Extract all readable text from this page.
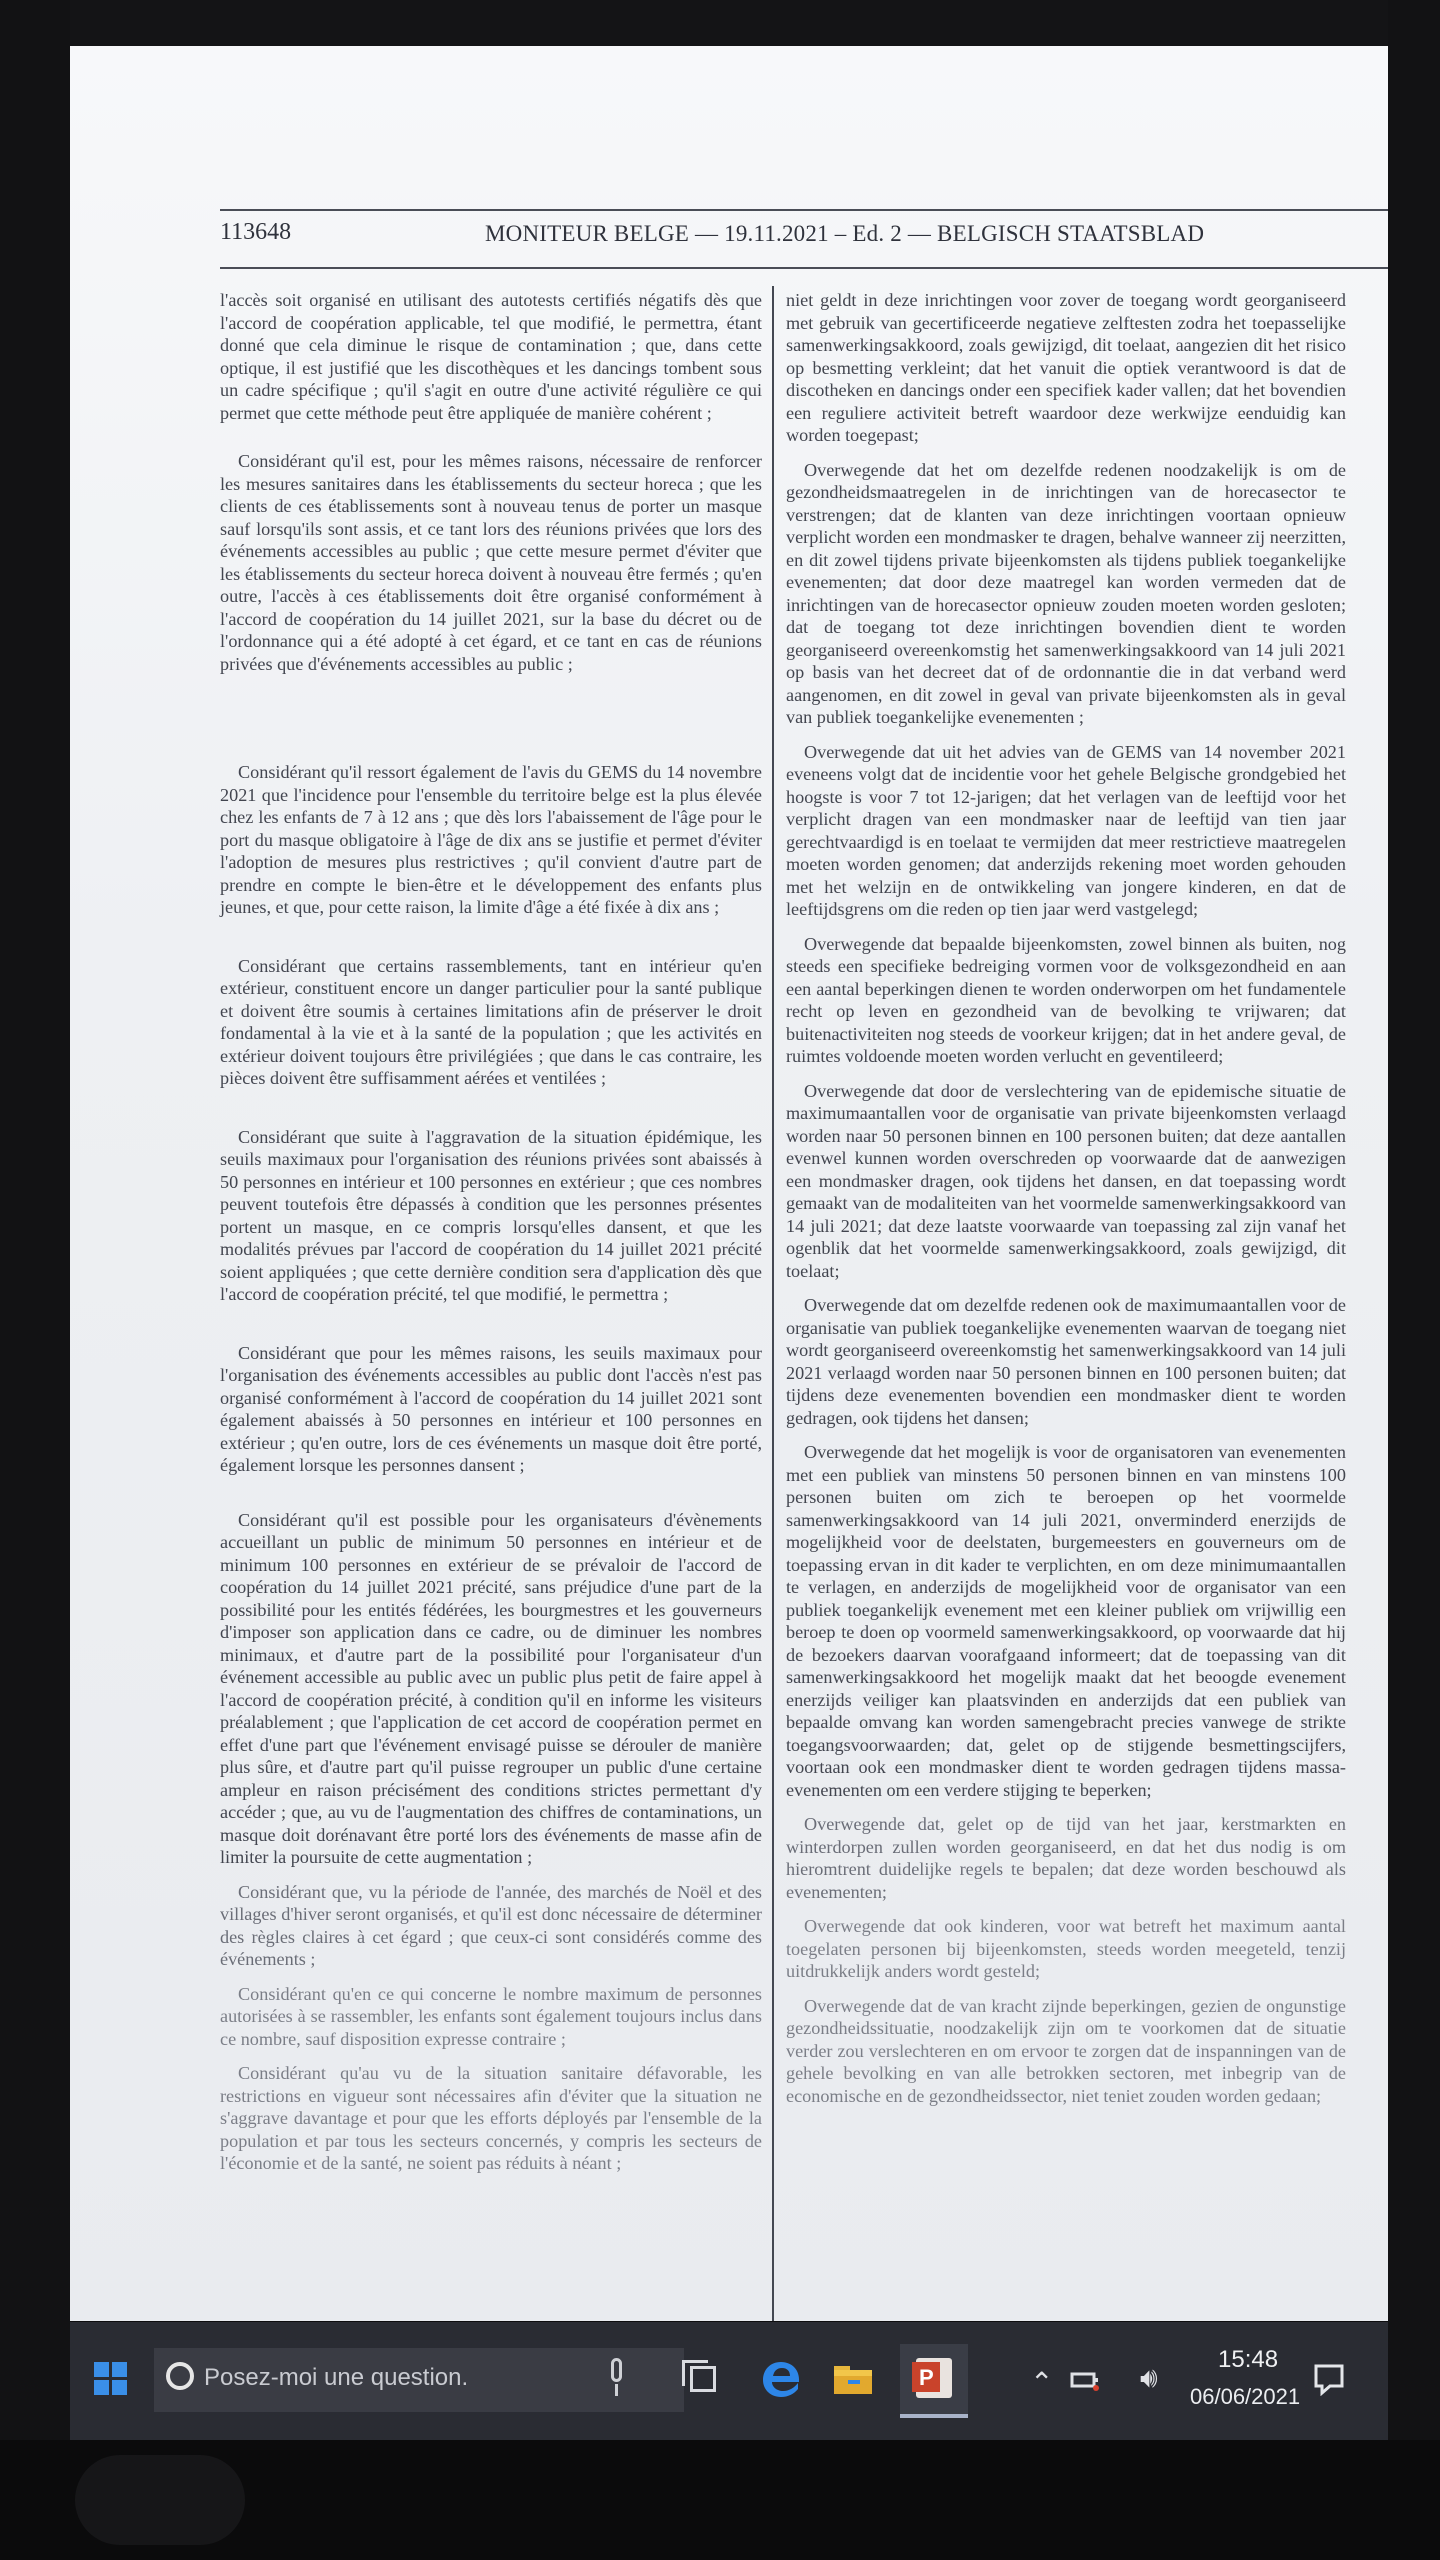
113648	MONITEUR BELGE — 19.11.2021 – Ed. 2 — BELGISCH STAATSBLAD

l'accès soit organisé en utilisant des autotests certifiés négatifs dès que l'accord de coopération applicable, tel que modifié, le permettra, étant donné que cela diminue le risque de contamination ; que, dans cette optique, il est justifié que les discothèques et les dancings tombent sous un cadre spécifique ; qu'il s'agit en outre d'une activité régulière ce qui permet que cette méthode peut être appliquée de manière cohérent ;

Considérant qu'il est, pour les mêmes raisons, nécessaire de renforcer les mesures sanitaires dans les établissements du secteur horeca ; que les clients de ces établissements sont à nouveau tenus de porter un masque sauf lorsqu'ils sont assis, et ce tant lors des réunions privées que lors des événements accessibles au public ; que cette mesure permet d'éviter que les établissements du secteur horeca doivent à nouveau être fermés ; qu'en outre, l'accès à ces établissements doit être organisé conformément à l'accord de coopération du 14 juillet 2021, sur la base du décret ou de l'ordonnance qui a été adopté à cet égard, et ce tant en cas de réunions privées que d'événements accessibles au public ;

Considérant qu'il ressort également de l'avis du GEMS du 14 novembre 2021 que l'incidence pour l'ensemble du territoire belge est la plus élevée chez les enfants de 7 à 12 ans ; que dès lors l'abaissement de l'âge pour le port du masque obligatoire à l'âge de dix ans se justifie et permet d'éviter l'adoption de mesures plus restrictives ; qu'il convient d'autre part de prendre en compte le bien-être et le développement des enfants plus jeunes, et que, pour cette raison, la limite d'âge a été fixée à dix ans ;

Considérant que certains rassemblements, tant en intérieur qu'en extérieur, constituent encore un danger particulier pour la santé publique et doivent être soumis à certaines limitations afin de préserver le droit fondamental à la vie et à la santé de la population ; que les activités en extérieur doivent toujours être privilégiées ; que dans le cas contraire, les pièces doivent être suffisamment aérées et ventilées ;

Considérant que suite à l'aggravation de la situation épidémique, les seuils maximaux pour l'organisation des réunions privées sont abaissés à 50 personnes en intérieur et 100 personnes en extérieur ; que ces nombres peuvent toutefois être dépassés à condition que les personnes présentes portent un masque, en ce compris lorsqu'elles dansent, et que les modalités prévues par l'accord de coopération du 14 juillet 2021 précité soient appliquées ; que cette dernière condition sera d'application dès que l'accord de coopération précité, tel que modifié, le permettra ;

Considérant que pour les mêmes raisons, les seuils maximaux pour l'organisation des événements accessibles au public dont l'accès n'est pas organisé conformément à l'accord de coopération du 14 juillet 2021 sont également abaissés à 50 personnes en intérieur et 100 personnes en extérieur ; qu'en outre, lors de ces événements un masque doit être porté, également lorsque les personnes dansent ;

Considérant qu'il est possible pour les organisateurs d'évènements accueillant un public de minimum 50 personnes en intérieur et de minimum 100 personnes en extérieur de se prévaloir de l'accord de coopération du 14 juillet 2021 précité, sans préjudice d'une part de la possibilité pour les entités fédérées, les bourgmestres et les gouverneurs d'imposer son application dans ce cadre, ou de diminuer les nombres minimaux, et d'autre part de la possibilité pour l'organisateur d'un événement accessible au public avec un public plus petit de faire appel à l'accord de coopération précité, à condition qu'il en informe les visiteurs préalablement ; que l'application de cet accord de coopération permet en effet d'une part que l'événement envisagé puisse se dérouler de manière plus sûre, et d'autre part qu'il puisse regrouper un public d'une certaine ampleur en raison précisément des conditions strictes permettant d'y accéder ; que, au vu de l'augmentation des chiffres de contaminations, un masque doit dorénavant être porté lors des événements de masse afin de limiter la poursuite de cette augmentation ;

Considérant que, vu la période de l'année, des marchés de Noël et des villages d'hiver seront organisés, et qu'il est donc nécessaire de déterminer des règles claires à cet égard ; que ceux-ci sont considérés comme des événements ;

Considérant qu'en ce qui concerne le nombre maximum de personnes autorisées à se rassembler, les enfants sont également toujours inclus dans ce nombre, sauf disposition expresse contraire ;

Considérant qu'au vu de la situation sanitaire défavorable, les restrictions en vigueur sont nécessaires afin d'éviter que la situation ne s'aggrave davantage et pour que les efforts déployés par l'ensemble de la population et par tous les secteurs concernés, y compris les secteurs de l'économie et de la santé, ne soient pas réduits à néant ;

niet geldt in deze inrichtingen voor zover de toegang wordt georganiseerd met gebruik van gecertificeerde negatieve zelftesten zodra het toepasselijke samenwerkingsakkoord, zoals gewijzigd, dit toelaat, aangezien dit het risico op besmetting verkleint; dat het vanuit die optiek verantwoord is dat de discotheken en dancings onder een specifiek kader vallen; dat het bovendien een reguliere activiteit betreft waardoor deze werkwijze eenduidig kan worden toegepast;

Overwegende dat het om dezelfde redenen noodzakelijk is om de gezondheidsmaatregelen in de inrichtingen van de horecasector te verstrengen; dat de klanten van deze inrichtingen voortaan opnieuw verplicht worden een mondmasker te dragen, behalve wanneer zij neerzitten, en dit zowel tijdens private bijeenkomsten als tijdens publiek toegankelijke evenementen; dat door deze maatregel kan worden vermeden dat de inrichtingen van de horecasector opnieuw zouden moeten worden gesloten; dat de toegang tot deze inrichtingen bovendien dient te worden georganiseerd overeenkomstig het samenwerkingsakkoord van 14 juli 2021 op basis van het decreet dat of de ordonnantie die in dat verband werd aangenomen, en dit zowel in geval van private bijeenkomsten als in geval van publiek toegankelijke evenementen ;

Overwegende dat uit het advies van de GEMS van 14 november 2021 eveneens volgt dat de incidentie voor het gehele Belgische grondgebied het hoogste is voor 7 tot 12-jarigen; dat het verlagen van de leeftijd voor het verplicht dragen van een mondmasker naar de leeftijd van tien jaar gerechtvaardigd is en toelaat te vermijden dat meer restrictieve maatregelen moeten worden genomen; dat anderzijds rekening moet worden gehouden met het welzijn en de ontwikkeling van jongere kinderen, en dat de leeftijdsgrens om die reden op tien jaar werd vastgelegd;

Overwegende dat bepaalde bijeenkomsten, zowel binnen als buiten, nog steeds een specifieke bedreiging vormen voor de volksgezondheid en aan een aantal beperkingen dienen te worden onderworpen om het fundamentele recht op leven en gezondheid van de bevolking te vrijwaren; dat buitenactiviteiten nog steeds de voorkeur krijgen; dat in het andere geval, de ruimtes voldoende moeten worden verlucht en geventileerd;

Overwegende dat door de verslechtering van de epidemische situatie de maximumaantallen voor de organisatie van private bijeenkomsten verlaagd worden naar 50 personen binnen en 100 personen buiten; dat deze aantallen evenwel kunnen worden overschreden op voorwaarde dat de aanwezigen een mondmasker dragen, ook tijdens het dansen, en dat toepassing wordt gemaakt van de modaliteiten van het voormelde samenwerkingsakkoord van 14 juli 2021; dat deze laatste voorwaarde van toepassing zal zijn vanaf het ogenblik dat het voormelde samenwerkingsakkoord, zoals gewijzigd, dit toelaat;

Overwegende dat om dezelfde redenen ook de maximumaantallen voor de organisatie van publiek toegankelijke evenementen waarvan de toegang niet wordt georganiseerd overeenkomstig het samenwerkingsakkoord van 14 juli 2021 verlaagd worden naar 50 personen binnen en 100 personen buiten; dat tijdens deze evenementen bovendien een mondmasker dient te worden gedragen, ook tijdens het dansen;

Overwegende dat het mogelijk is voor de organisatoren van evenementen met een publiek van minstens 50 personen binnen en van minstens 100 personen buiten om zich te beroepen op het voormelde samenwerkingsakkoord van 14 juli 2021, onverminderd enerzijds de mogelijkheid voor de deelstaten, burgemeesters en gouverneurs om de toepassing ervan in dit kader te verplichten, en om deze minimumaantallen te verlagen, en anderzijds de mogelijkheid voor de organisator van een publiek toegankelijk evenement met een kleiner publiek om vrijwillig een beroep te doen op voormeld samenwerkingsakkoord, op voorwaarde dat hij de bezoekers daarvan voorafgaand informeert; dat de toepassing van dit samenwerkingsakkoord het mogelijk maakt dat het beoogde evenement enerzijds veiliger kan plaatsvinden en anderzijds dat een publiek van bepaalde omvang kan worden samengebracht precies vanwege de strikte toegangsvoorwaarden; dat, gelet op de stijgende besmettingscijfers, voortaan ook een mondmasker dient te worden gedragen tijdens massa-evenementen om een verdere stijging te beperken;

Overwegende dat, gelet op de tijd van het jaar, kerstmarkten en winterdorpen zullen worden georganiseerd, en dat het dus nodig is om hieromtrent duidelijke regels te bepalen; dat deze worden beschouwd als evenementen;

Overwegende dat ook kinderen, voor wat betreft het maximum aantal toegelaten personen bij bijeenkomsten, steeds worden meegeteld, tenzij uitdrukkelijk anders wordt gesteld;

Overwegende dat de van kracht zijnde beperkingen, gezien de ongunstige gezondheidssituatie, noodzakelijk zijn om te voorkomen dat de situatie verder zou verslechteren en om ervoor te zorgen dat de inspanningen van de gehele bevolking en van alle betrokken sectoren, met inbegrip van de economische en de gezondheidssector, niet teniet zouden worden gedaan;

Posez-moi une question.	P	⌃	🔊︎
15:48
06/06/2021
